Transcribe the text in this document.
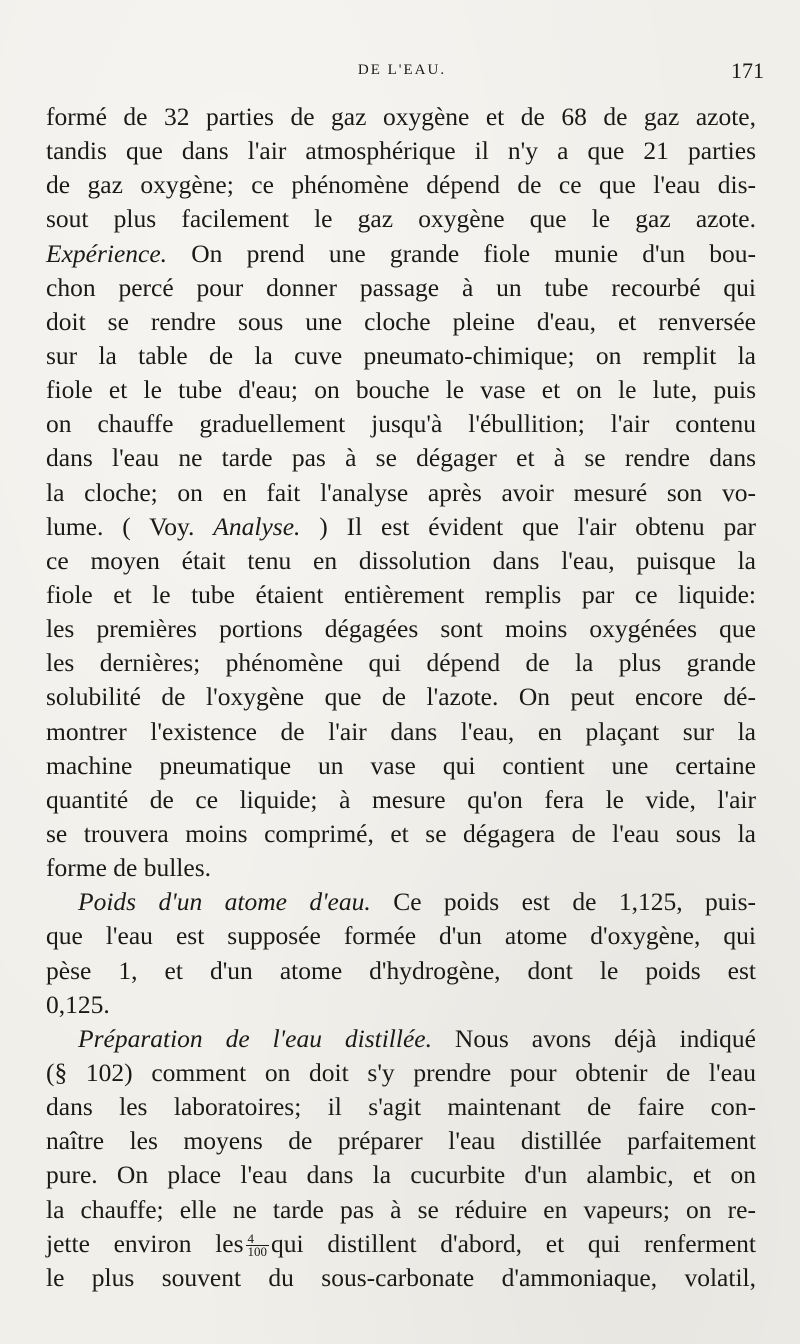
DE L'EAU.	171
formé de 32 parties de gaz oxygène et de 68 de gaz azote,
tandis que dans l'air atmosphérique il n'y a que 21 parties
de gaz oxygène; ce phénomène dépend de ce que l'eau dis-
sout plus facilement le gaz oxygène que le gaz azote.
Expérience. On prend une grande fiole munie d'un bou-
chon percé pour donner passage à un tube recourbé qui
doit se rendre sous une cloche pleine d'eau, et renversée
sur la table de la cuve pneumato-chimique; on remplit la
fiole et le tube d'eau; on bouche le vase et on le lute, puis
on chauffe graduellement jusqu'à l'ébullition; l'air contenu
dans l'eau ne tarde pas à se dégager et à se rendre dans
la cloche; on en fait l'analyse après avoir mesuré son vo-
lume. ( Voy. Analyse. ) Il est évident que l'air obtenu par
ce moyen était tenu en dissolution dans l'eau, puisque la
fiole et le tube étaient entièrement remplis par ce liquide:
les premières portions dégagées sont moins oxygénées que
les dernières; phénomène qui dépend de la plus grande
solubilité de l'oxygène que de l'azote. On peut encore dé-
montrer l'existence de l'air dans l'eau, en plaçant sur la
machine pneumatique un vase qui contient une certaine
quantité de ce liquide; à mesure qu'on fera le vide, l'air
se trouvera moins comprimé, et se dégagera de l'eau sous la
forme de bulles.
Poids d'un atome d'eau. Ce poids est de 1,125, puis-
que l'eau est supposée formée d'un atome d'oxygène, qui
pèse 1, et d'un atome d'hydrogène, dont le poids est
0,125.
Préparation de l'eau distillée. Nous avons déjà indiqué
(§ 102) comment on doit s'y prendre pour obtenir de l'eau
dans les laboratoires; il s'agit maintenant de faire con-
naître les moyens de préparer l'eau distillée parfaitement
pure. On place l'eau dans la cucurbite d'un alambic, et on
la chauffe; elle ne tarde pas à se réduire en vapeurs; on re-
jette environ les $\frac{4}{100}$ qui distillent d'abord, et qui renferment
le plus souvent du sous-carbonate d'ammoniaque, volatil,
